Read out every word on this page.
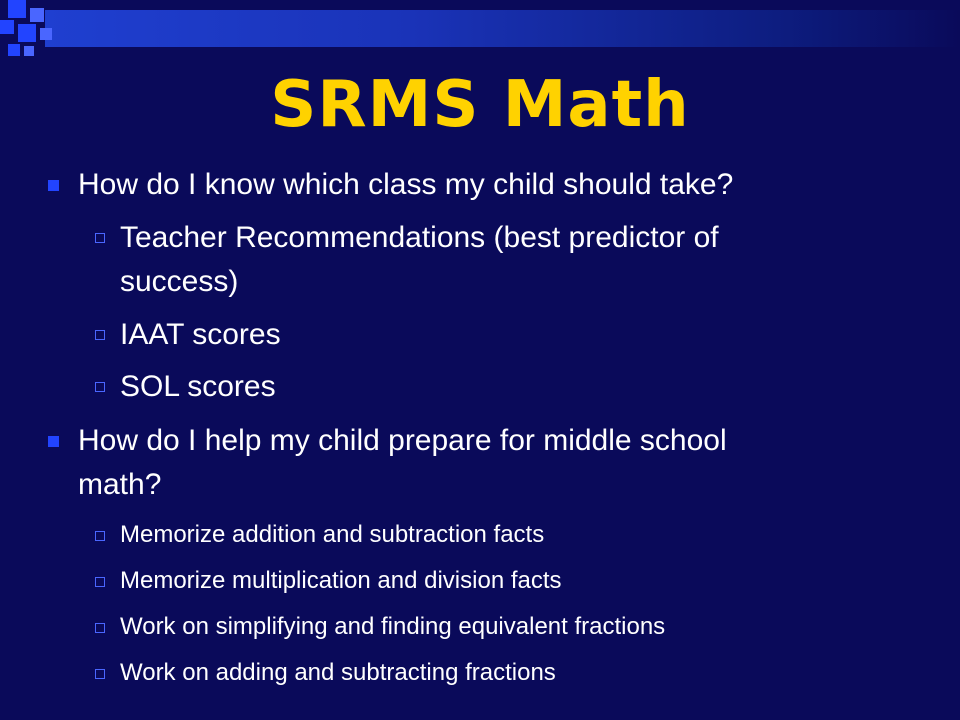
SRMS Math
How do I know which class my child should take?
Teacher Recommendations (best predictor of
success)
IAAT scores
SOL scores
How do I help my child prepare for middle school
math?
Memorize addition and subtraction facts
Memorize multiplication and division facts
Work on simplifying and finding equivalent fractions
Work on adding and subtracting fractions
